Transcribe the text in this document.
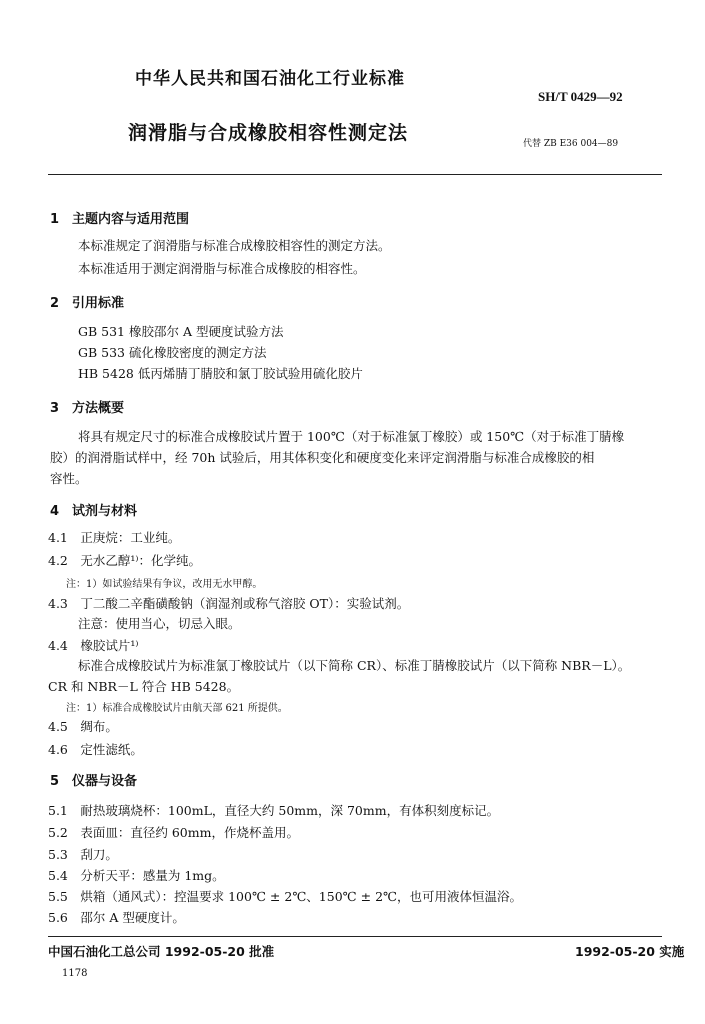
中华人民共和国石油化工行业标准
SH/T 0429—92
润滑脂与合成橡胶相容性测定法	代替 ZB E36 004—89
1　主题内容与适用范围
本标准规定了润滑脂与标准合成橡胶相容性的测定方法。
本标准适用于测定润滑脂与标准合成橡胶的相容性。
2　引用标准
GB 531 橡胶邵尔 A 型硬度试验方法
GB 533 硫化橡胶密度的测定方法
HB 5428 低丙烯腈丁腈胶和氯丁胶试验用硫化胶片
3　方法概要
将具有规定尺寸的标准合成橡胶试片置于 100℃（对于标准氯丁橡胶）或 150℃（对于标准丁腈橡
胶）的润滑脂试样中，经 70h 试验后，用其体积变化和硬度变化来评定润滑脂与标准合成橡胶的相
容性。
4　试剂与材料
4.1　正庚烷：工业纯。
4.2　无水乙醇¹⁾：化学纯。
注：1）如试验结果有争议，改用无水甲醇。
4.3　丁二酸二辛酯磺酸钠（润湿剂或称气溶胶 OT）：实验试剂。
注意：使用当心，切忌入眼。
4.4　橡胶试片¹⁾
标准合成橡胶试片为标准氯丁橡胶试片（以下简称 CR）、标准丁腈橡胶试片（以下简称 NBR－L）。
CR 和 NBR－L 符合 HB 5428。
注：1）标准合成橡胶试片由航天部 621 所提供。
4.5　绸布。
4.6　定性滤纸。
5　仪器与设备
5.1　耐热玻璃烧杯：100mL，直径大约 50mm，深 70mm，有体积刻度标记。
5.2　表面皿：直径约 60mm，作烧杯盖用。
5.3　刮刀。
5.4　分析天平：感量为 1mg。
5.5　烘箱（通风式）：控温要求 100℃ ± 2℃、150℃ ± 2℃，也可用液体恒温浴。
5.6　邵尔 A 型硬度计。
中国石油化工总公司 1992-05-20 批准	1992-05-20 实施
1178
